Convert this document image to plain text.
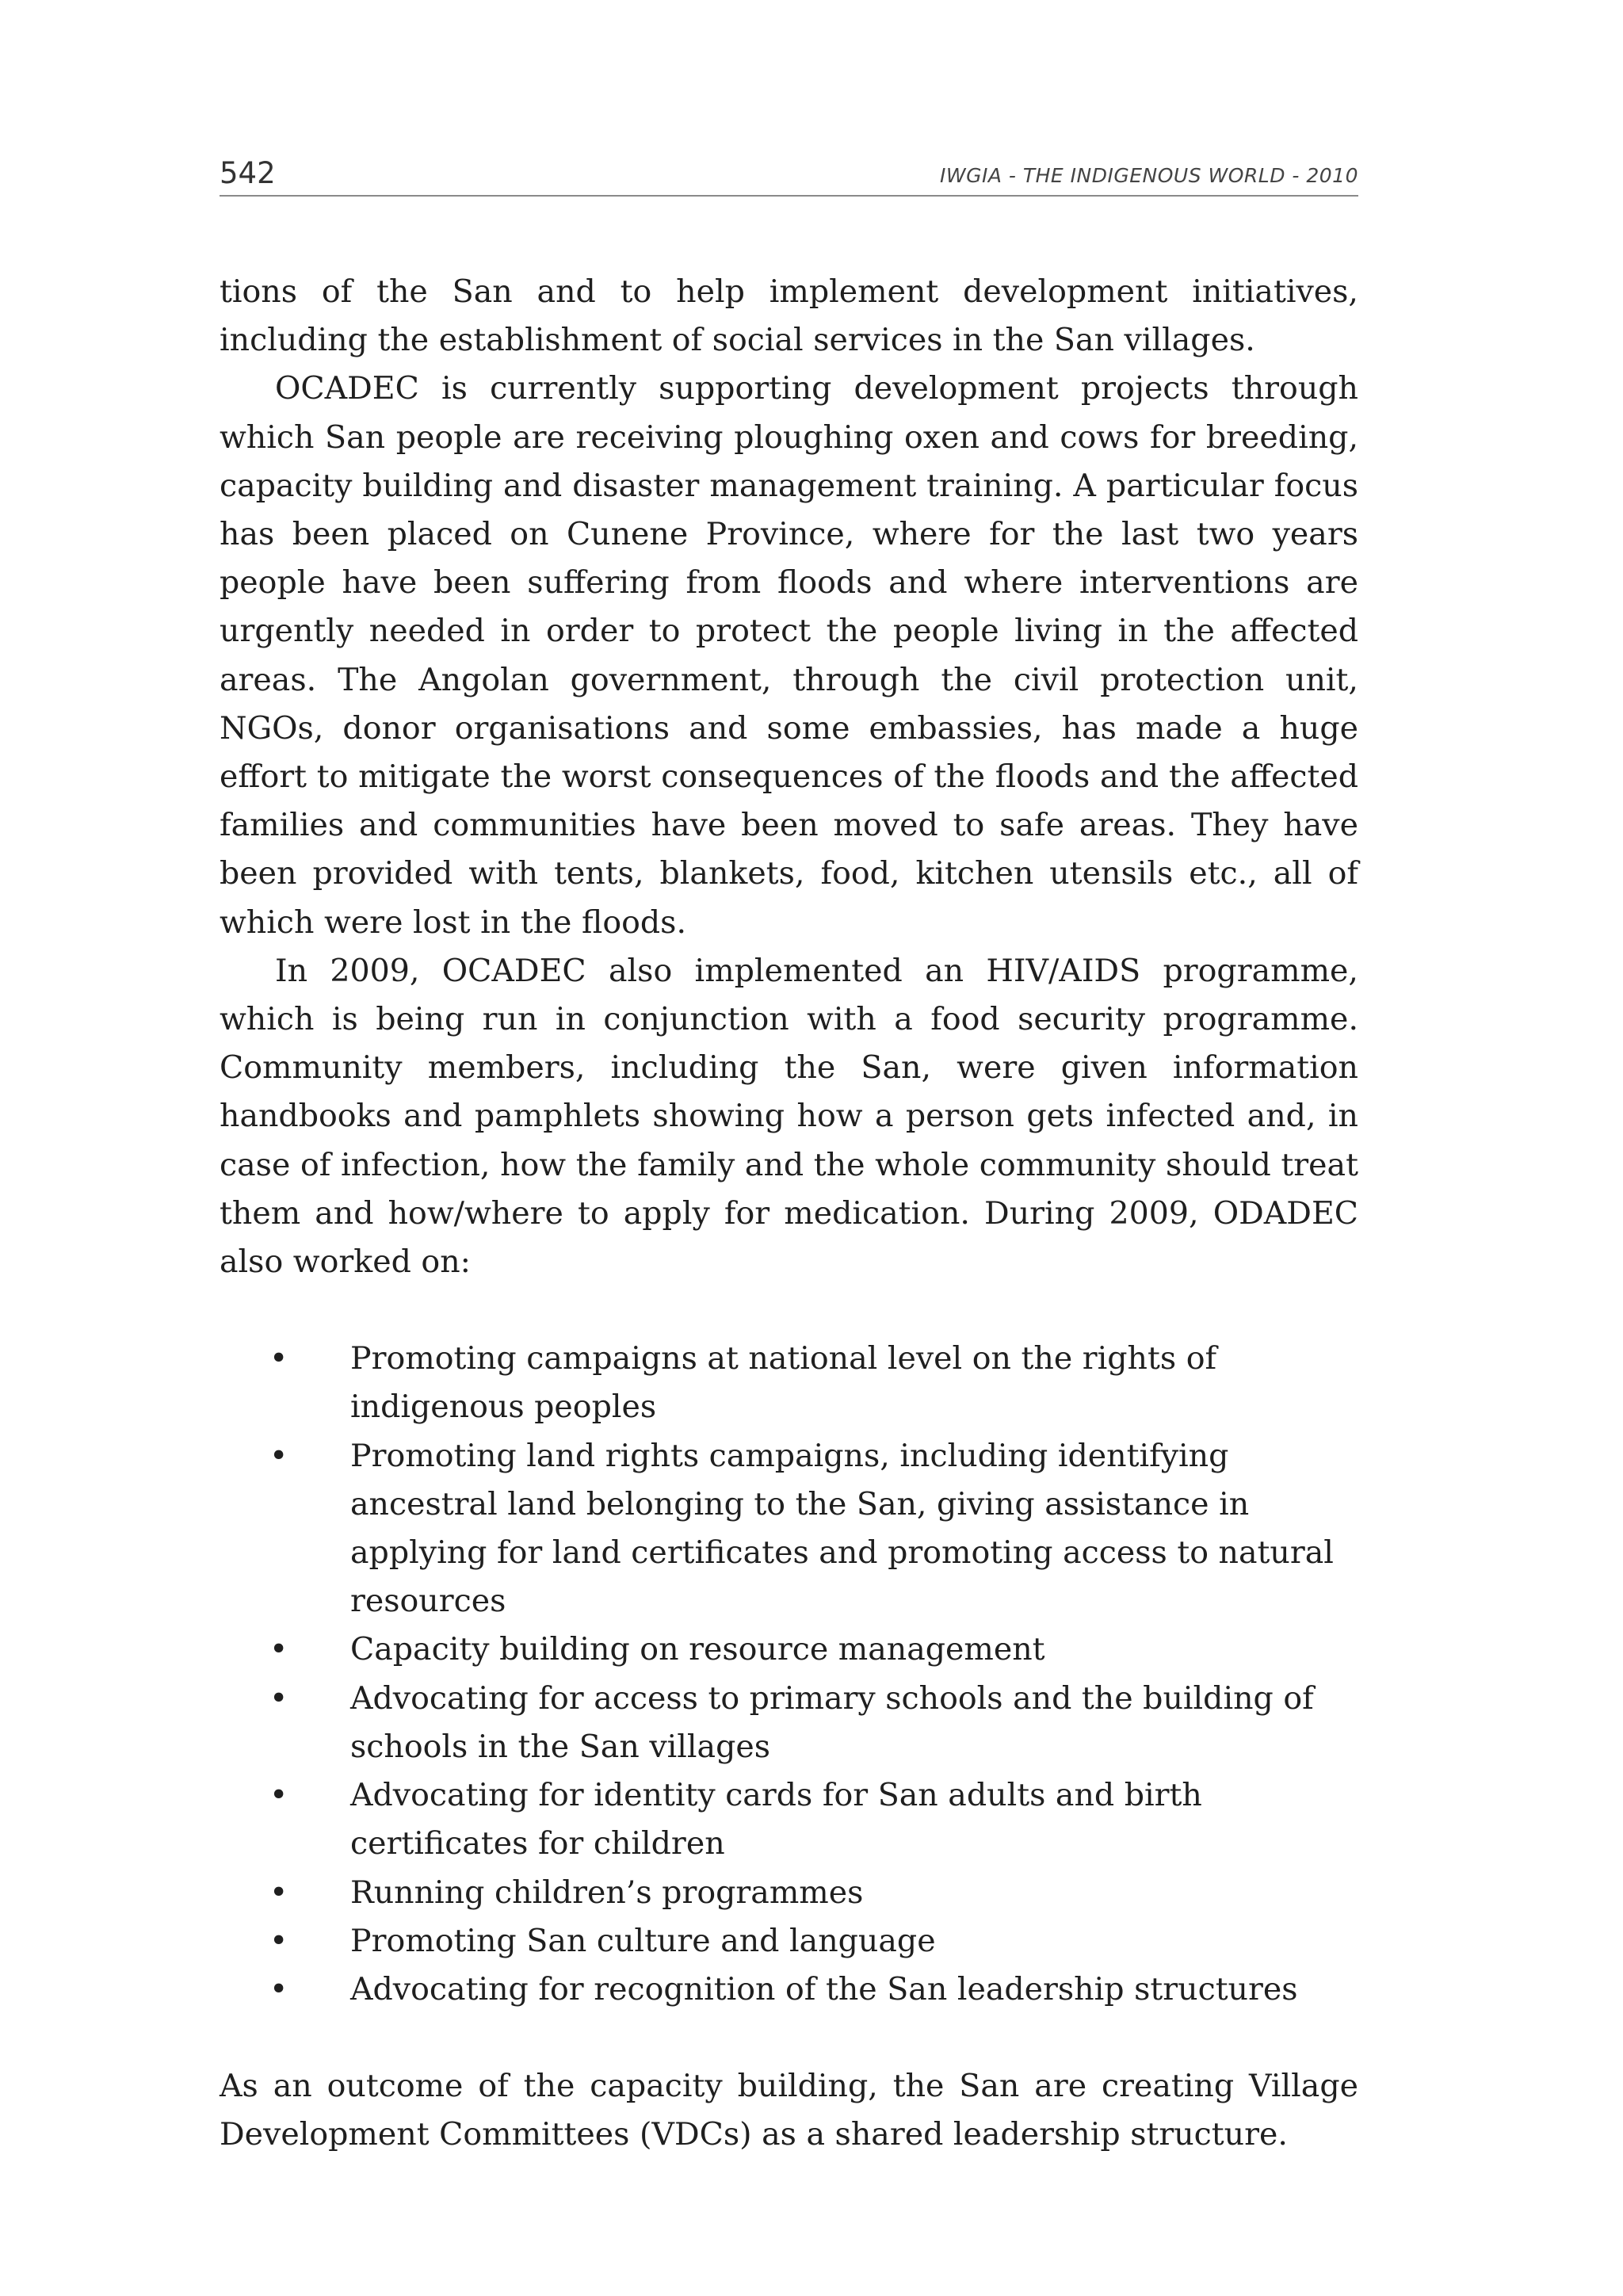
542	IWGIA - THE INDIGENOUS WORLD - 2010

tions of the San and to help implement development initiatives, including the establishment of social services in the San villages.

OCADEC is currently supporting development projects through which San people are receiving ploughing oxen and cows for breeding, capacity building and disaster management training. A particular focus has been placed on Cunene Province, where for the last two years people have been suffering from floods and where interventions are urgently needed in order to protect the people living in the affected areas. The Angolan government, through the civil protection unit, NGOs, donor organisations and some embassies, has made a huge effort to mitigate the worst consequences of the floods and the affected families and communities have been moved to safe areas. They have been provided with tents, blankets, food, kitchen utensils etc., all of which were lost in the floods.

In 2009, OCADEC also implemented an HIV/AIDS programme, which is being run in conjunction with a food security programme. Community members, including the San, were given information handbooks and pamphlets showing how a person gets infected and, in case of infection, how the family and the whole community should treat them and how/where to apply for medication. During 2009, ODADEC also worked on:

• Promoting campaigns at national level on the rights of indigenous peoples
• Promoting land rights campaigns, including identifying ancestral land belonging to the San, giving assistance in applying for land certificates and promoting access to natural resources
• Capacity building on resource management
• Advocating for access to primary schools and the building of schools in the San villages
• Advocating for identity cards for San adults and birth certificates for children
• Running children’s programmes
• Promoting San culture and language
• Advocating for recognition of the San leadership structures

As an outcome of the capacity building, the San are creating Village Development Committees (VDCs) as a shared leadership structure.
